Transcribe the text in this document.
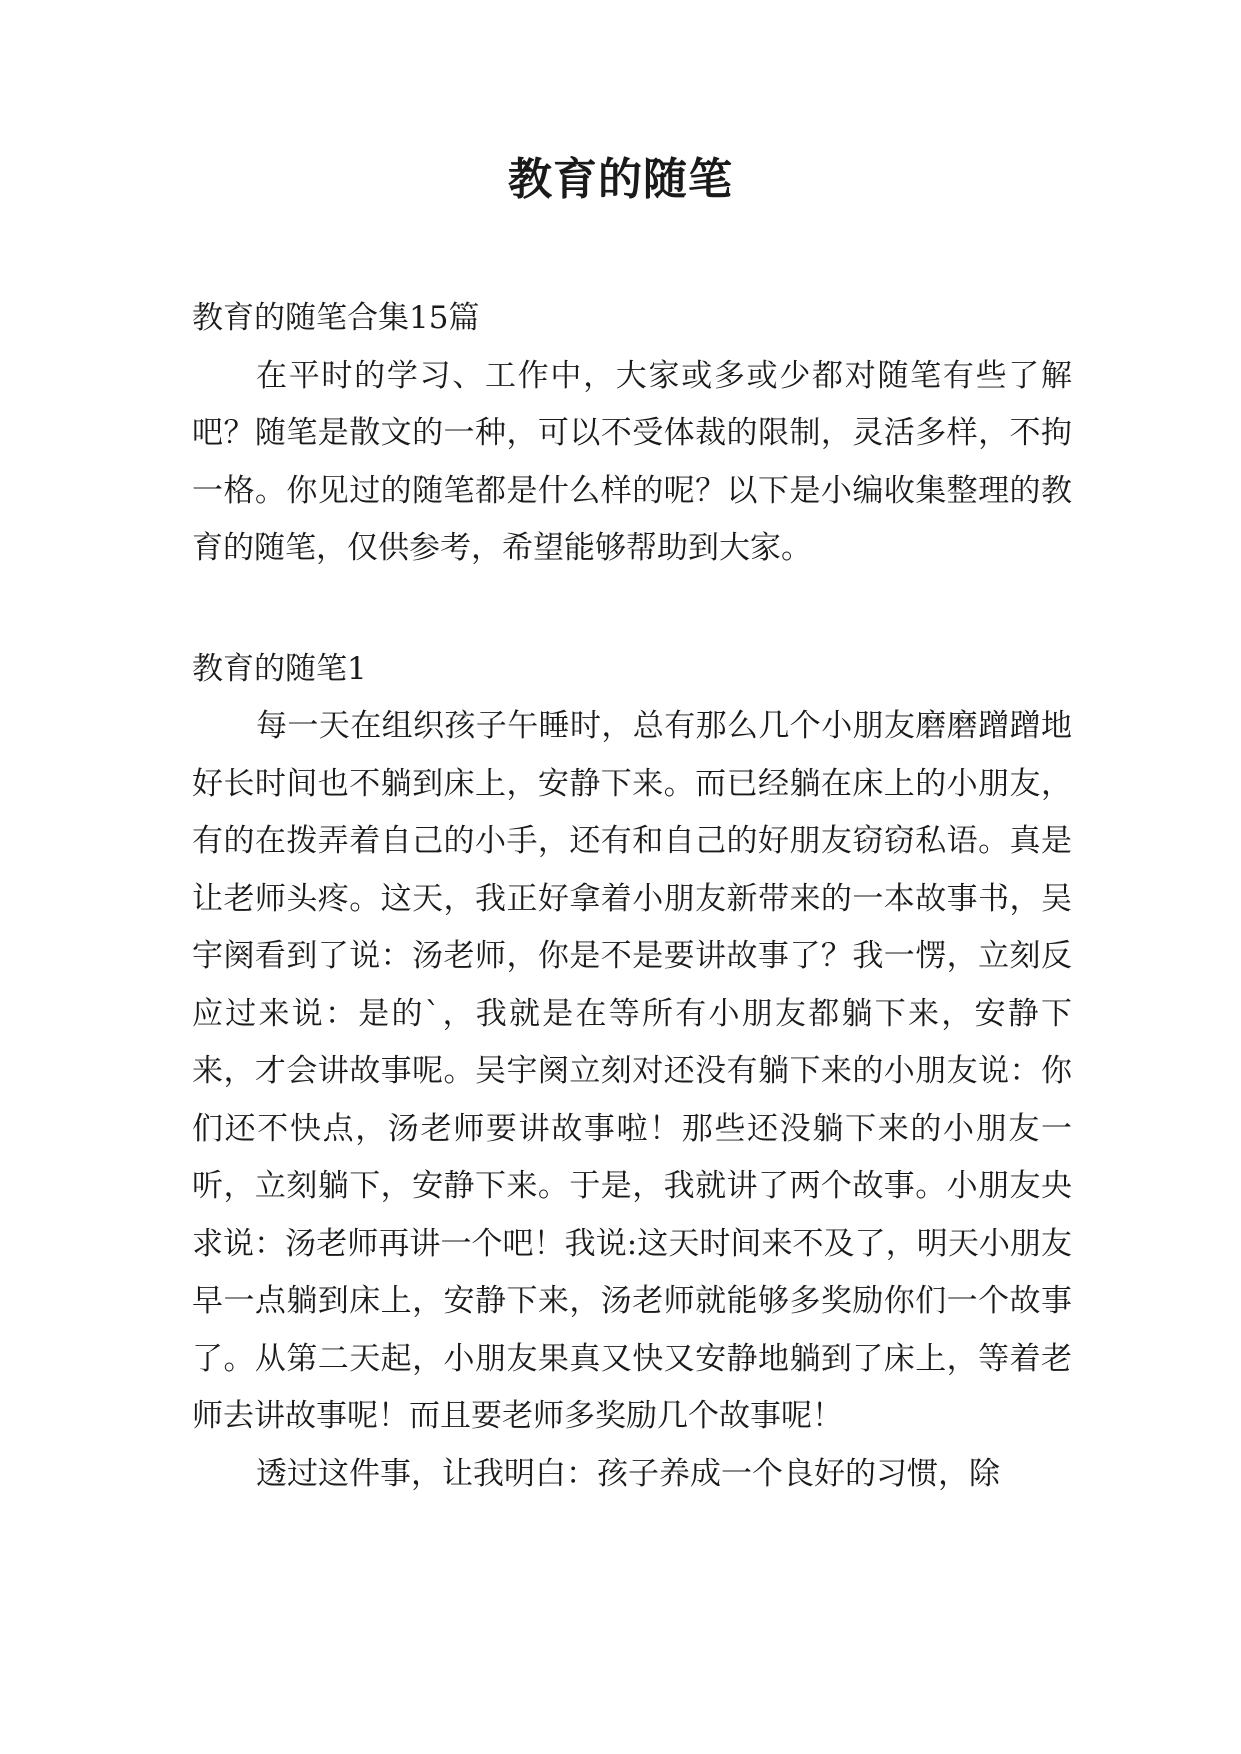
教育的随笔

教育的随笔合集15篇

在平时的学习、工作中，大家或多或少都对随笔有些了解吧？随笔是散文的一种，可以不受体裁的限制，灵活多样，不拘一格。你见过的随笔都是什么样的呢？以下是小编收集整理的教育的随笔，仅供参考，希望能够帮助到大家。

教育的随笔1

每一天在组织孩子午睡时，总有那么几个小朋友磨磨蹭蹭地好长时间也不躺到床上，安静下来。而已经躺在床上的小朋友，有的在拨弄着自己的小手，还有和自己的好朋友窃窃私语。真是让老师头疼。这天，我正好拿着小朋友新带来的一本故事书，吴宇阕看到了说：汤老师，你是不是要讲故事了？我一愣，立刻反应过来说：是的`，我就是在等所有小朋友都躺下来，安静下来，才会讲故事呢。吴宇阕立刻对还没有躺下来的小朋友说：你们还不快点，汤老师要讲故事啦！那些还没躺下来的小朋友一听，立刻躺下，安静下来。于是，我就讲了两个故事。小朋友央求说：汤老师再讲一个吧！我说:这天时间来不及了，明天小朋友早一点躺到床上，安静下来，汤老师就能够多奖励你们一个故事了。从第二天起，小朋友果真又快又安静地躺到了床上，等着老师去讲故事呢！而且要老师多奖励几个故事呢！

透过这件事，让我明白：孩子养成一个良好的习惯，除
